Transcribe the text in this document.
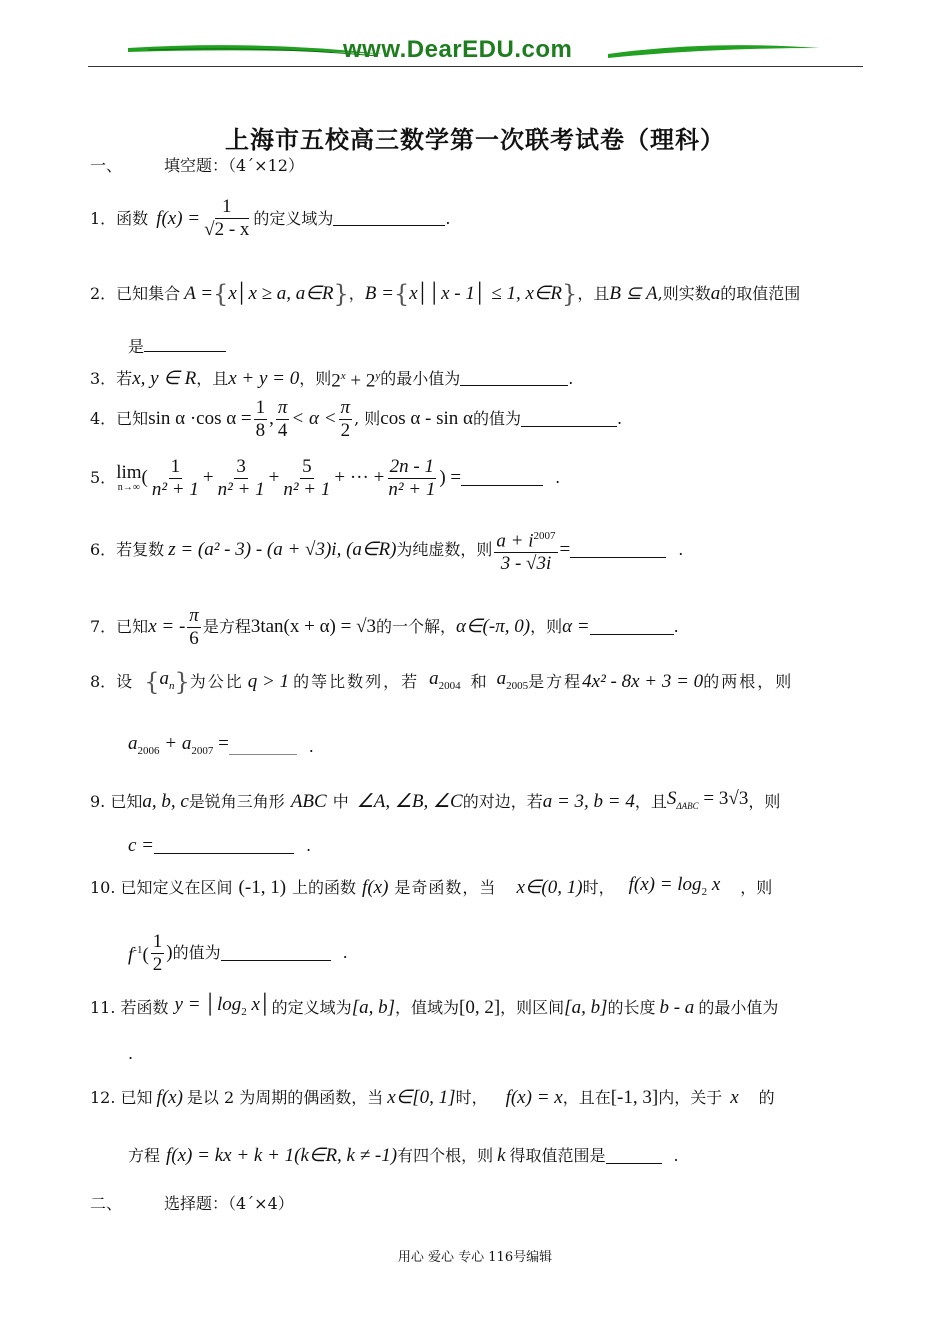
www.DearEDU.com
上海市五校高三数学第一次联考试卷（理科）
一、	填空题：（4´×12）
1．函数 $f(x) = \frac{1}{√2 - x}$ 的定义域为	.
2．已知集合 A = { x│x ≥ a, a∈R } ， B = { x││x - 1│ ≤ 1, x∈R } ，且 B ⊆ A ,则实数 a 的取值范围
是
3．若 x, y ∈ R ，且 x + y = 0 ，则 $2^x + 2^y$ 的最小值为	.
4．已知 sin α ·cos $\alpha = \frac{1}{8}$ , $\frac{\pi}{4} < \alpha < \frac{\pi}{2}$ , 则 cos α - sin α 的值为	.
5． lim
n→∞ ( $\frac{1}{\text{n² + 1}} + \frac{3}{\text{n² + 1}} + \frac{5}{\text{n² + 1}}$ + ··· + $\frac{2n - 1}{\text{n² + 1}}$ ) =	.
6．若复数 z = (a² - 3) - (a + √3)i, (a∈R) 为纯虚数，则 $\frac{a + i^{2007}}{3 - √3i}$ =	.
7．已知 x = - $\frac{\pi}{6}$ 是方程 3tan(x + α) = √3 的一个解， α∈(-π, 0) ，则 α =	.
8．设 { $a_n$ } 为公比 q > 1 的等比数列，若 $a_{2004}$ 和 $a_{2005}$ 是方程 4x² - 8x + 3 = 0 的两根，则
$a_{2006} + a_{2007}$ =	.
9. 已知 a, b, c 是锐角三角形 ABC 中 ∠A, ∠B, ∠C 的对边，若 a = 3, b = 4 ，且 $S_{\Delta ABC} = 3√3$ ，则
c =	.
10. 已知定义在区间 (-1, 1) 上的函数 f(x) 是奇函数，当 x∈(0, 1) 时， $f(x) = \log_2 x$ ，则
$f^{-1}( \frac{1}{2}$ ) 的值为	.
11. 若函数 $y = │\log_2$ x│ 的定义域为 [a, b] ，值域为 [0, 2] ，则区间 [a, b] 的长度 b - a 的最小值为
.
12. 已知 f(x) 是以 2 为周期的偶函数，当 x∈[0, 1] 时， f(x) = x ，且在 [-1, 3] 内，关于 x 的
方程 f(x) = kx + k + 1(k∈R, k ≠ -1) 有四个根，则 k 得取值范围是	.
二、	选择题：（4´×4）
用心 爱心 专心 116号编辑
